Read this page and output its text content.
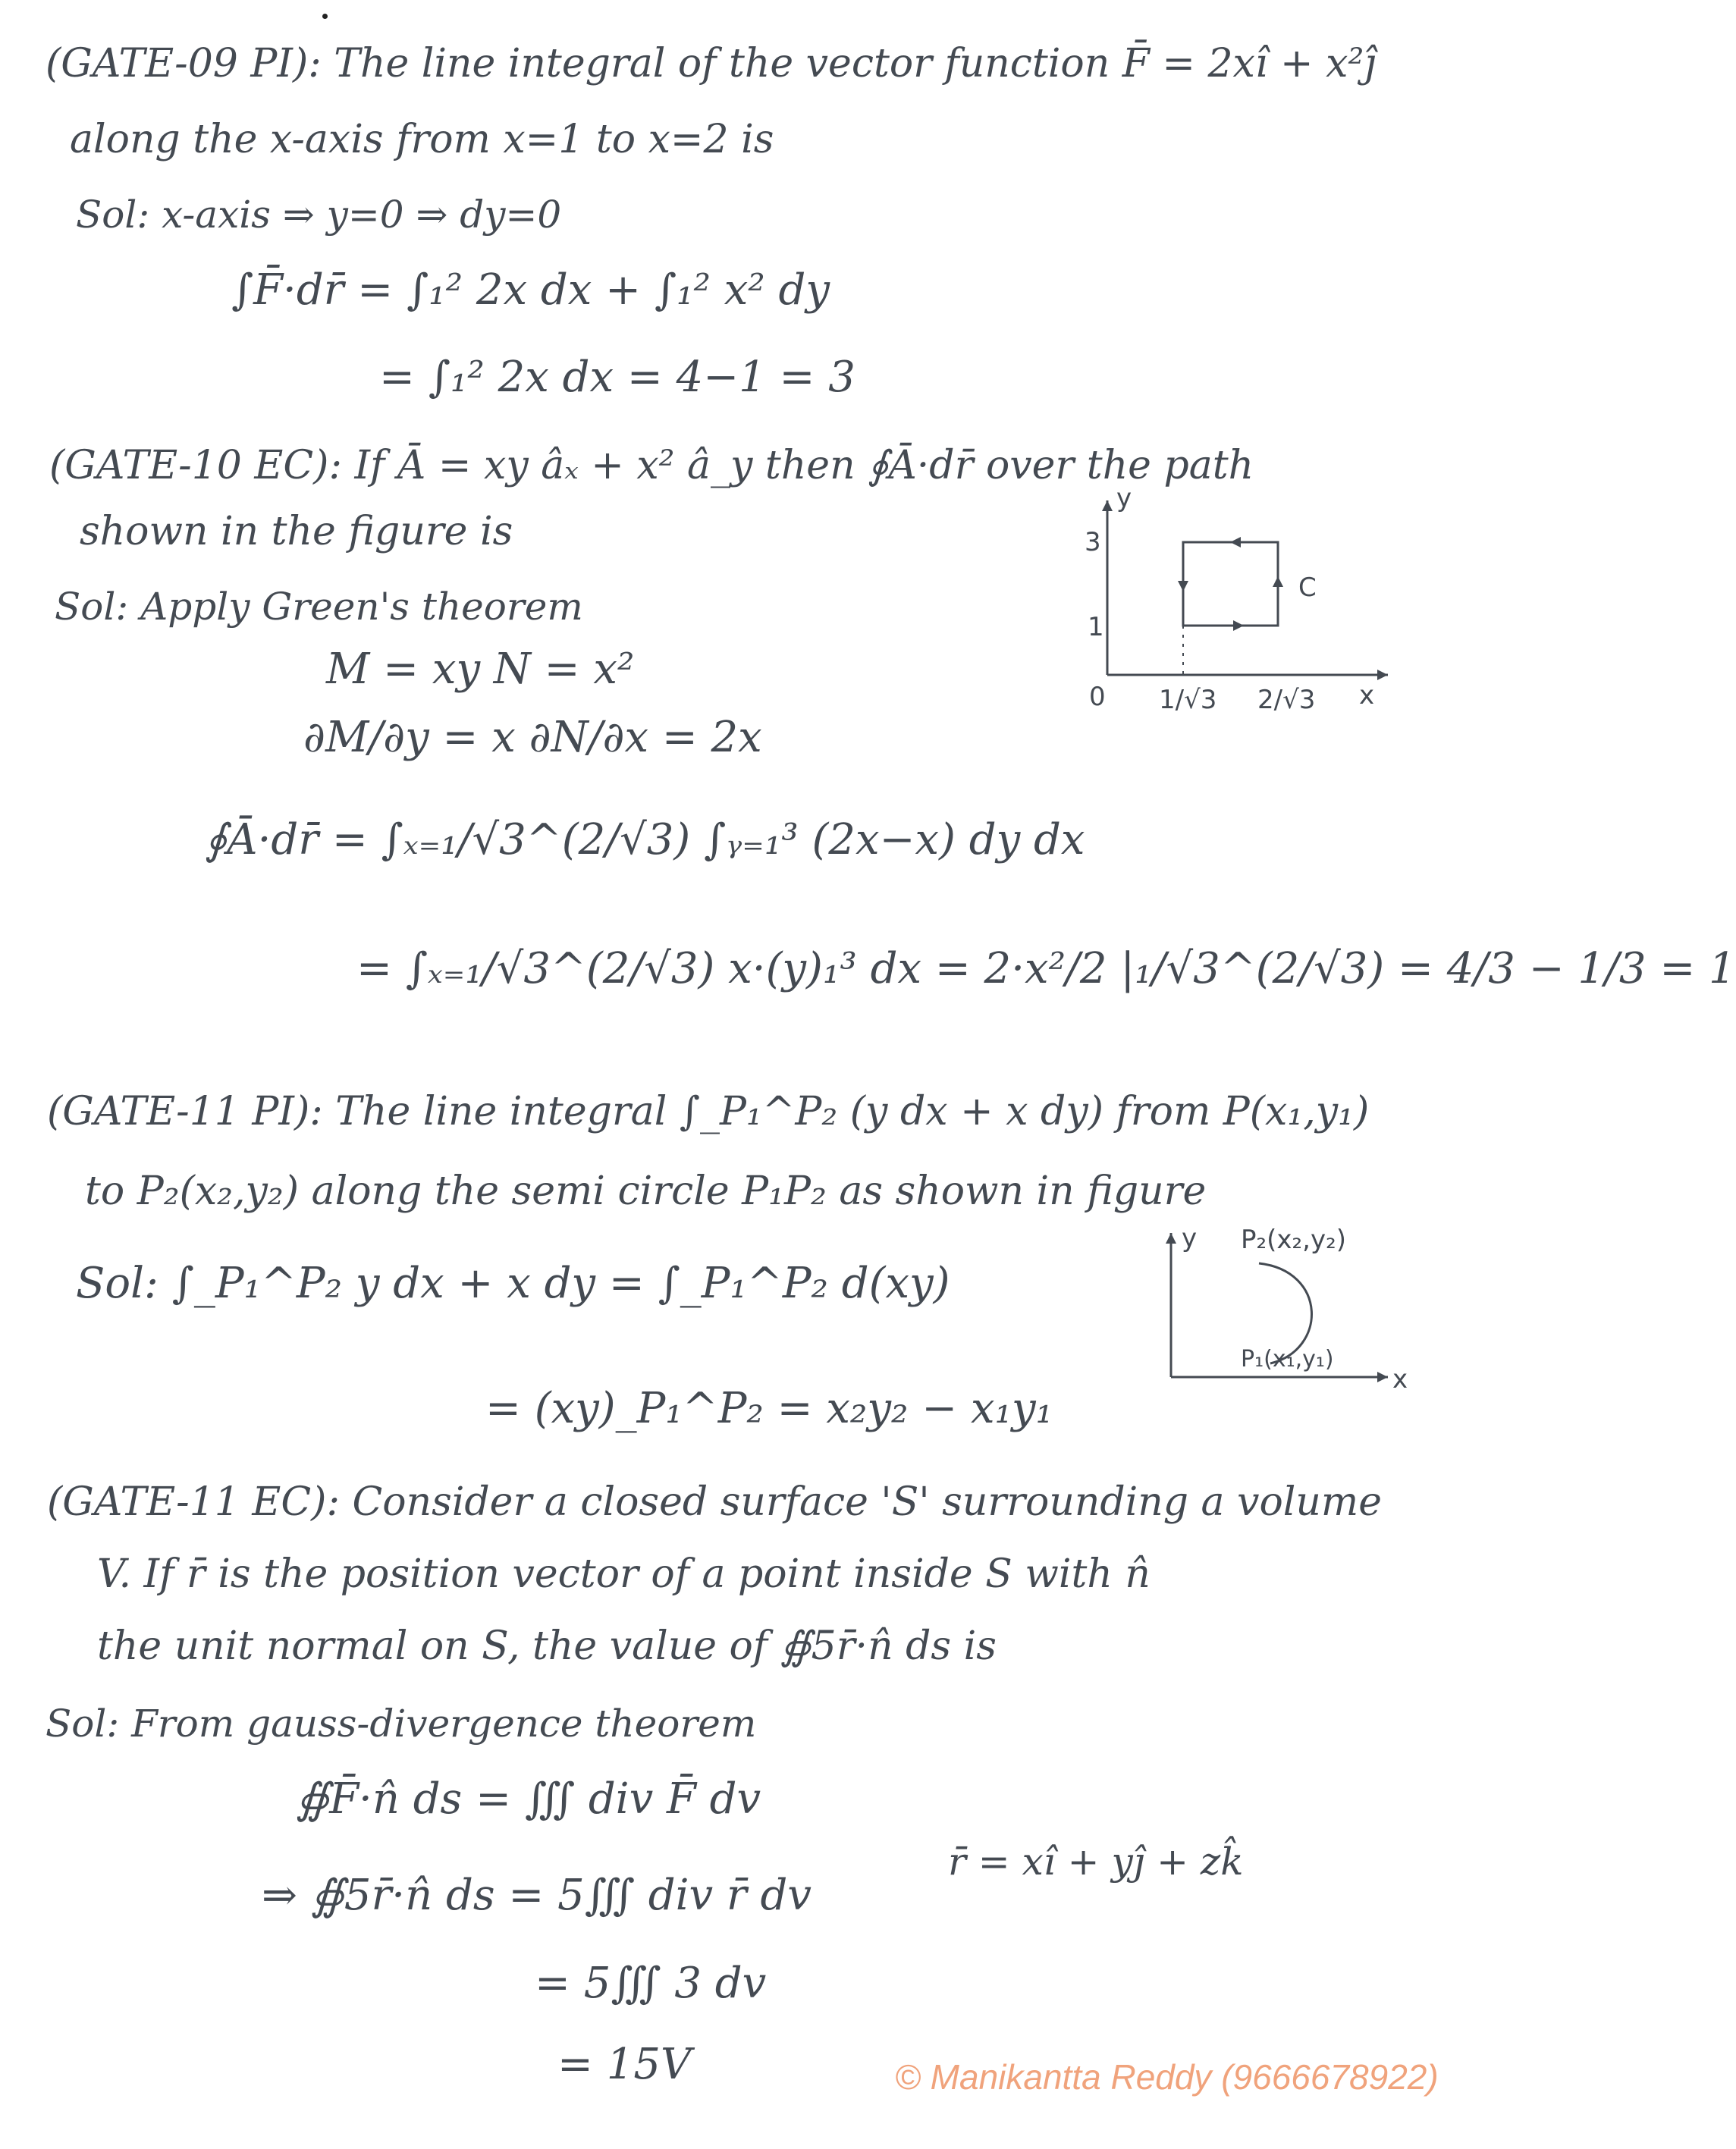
(GATE-09 PI): The line integral of the vector function F̄ = 2xî + x²ĵ
along the x-axis from x=1 to x=2 is
Sol: x-axis ⇒ y=0 ⇒ dy=0
∫F̄·dr̄ = ∫₁² 2x dx + ∫₁² x² dy
= ∫₁² 2x dx = 4−1 = 3
(GATE-10 EC): If Ā = xy âₓ + x² â_y then ∮Ā·dr̄ over the path
shown in the figure is
Sol: Apply Green's theorem
M = xy N = x²
∂M/∂y = x ∂N/∂x = 2x
∮Ā·dr̄ = ∫ₓ₌₁/√3^(2/√3) ∫ᵧ₌₁³ (2x−x) dy dx
= ∫ₓ₌₁/√3^(2/√3) x·(y)₁³ dx = 2·x²/2 |₁/√3^(2/√3) = 4/3 − 1/3 = 1
y
x
0
3
1
1/√3 2/√3
C
(GATE-11 PI): The line integral ∫_P₁^P₂ (y dx + x dy) from P(x₁,y₁)
to P₂(x₂,y₂) along the semi circle P₁P₂ as shown in figure
Sol: ∫_P₁^P₂ y dx + x dy = ∫_P₁^P₂ d(xy)
= (xy)_P₁^P₂ = x₂y₂ − x₁y₁
y
x
P₂(x₂,y₂)
P₁(x₁,y₁)
(GATE-11 EC): Consider a closed surface 'S' surrounding a volume
V. If r̄ is the position vector of a point inside S with n̂
the unit normal on S, the value of ∯5r̄·n̂ ds is
Sol: From gauss-divergence theorem
∯F̄·n̂ ds = ∭ div F̄ dv
⇒ ∯5r̄·n̂ ds = 5∭ div r̄ dv
= 5∭ 3 dv
= 15V
r̄ = xî + yĵ + zk̂
© Manikantta Reddy (9666678922)
